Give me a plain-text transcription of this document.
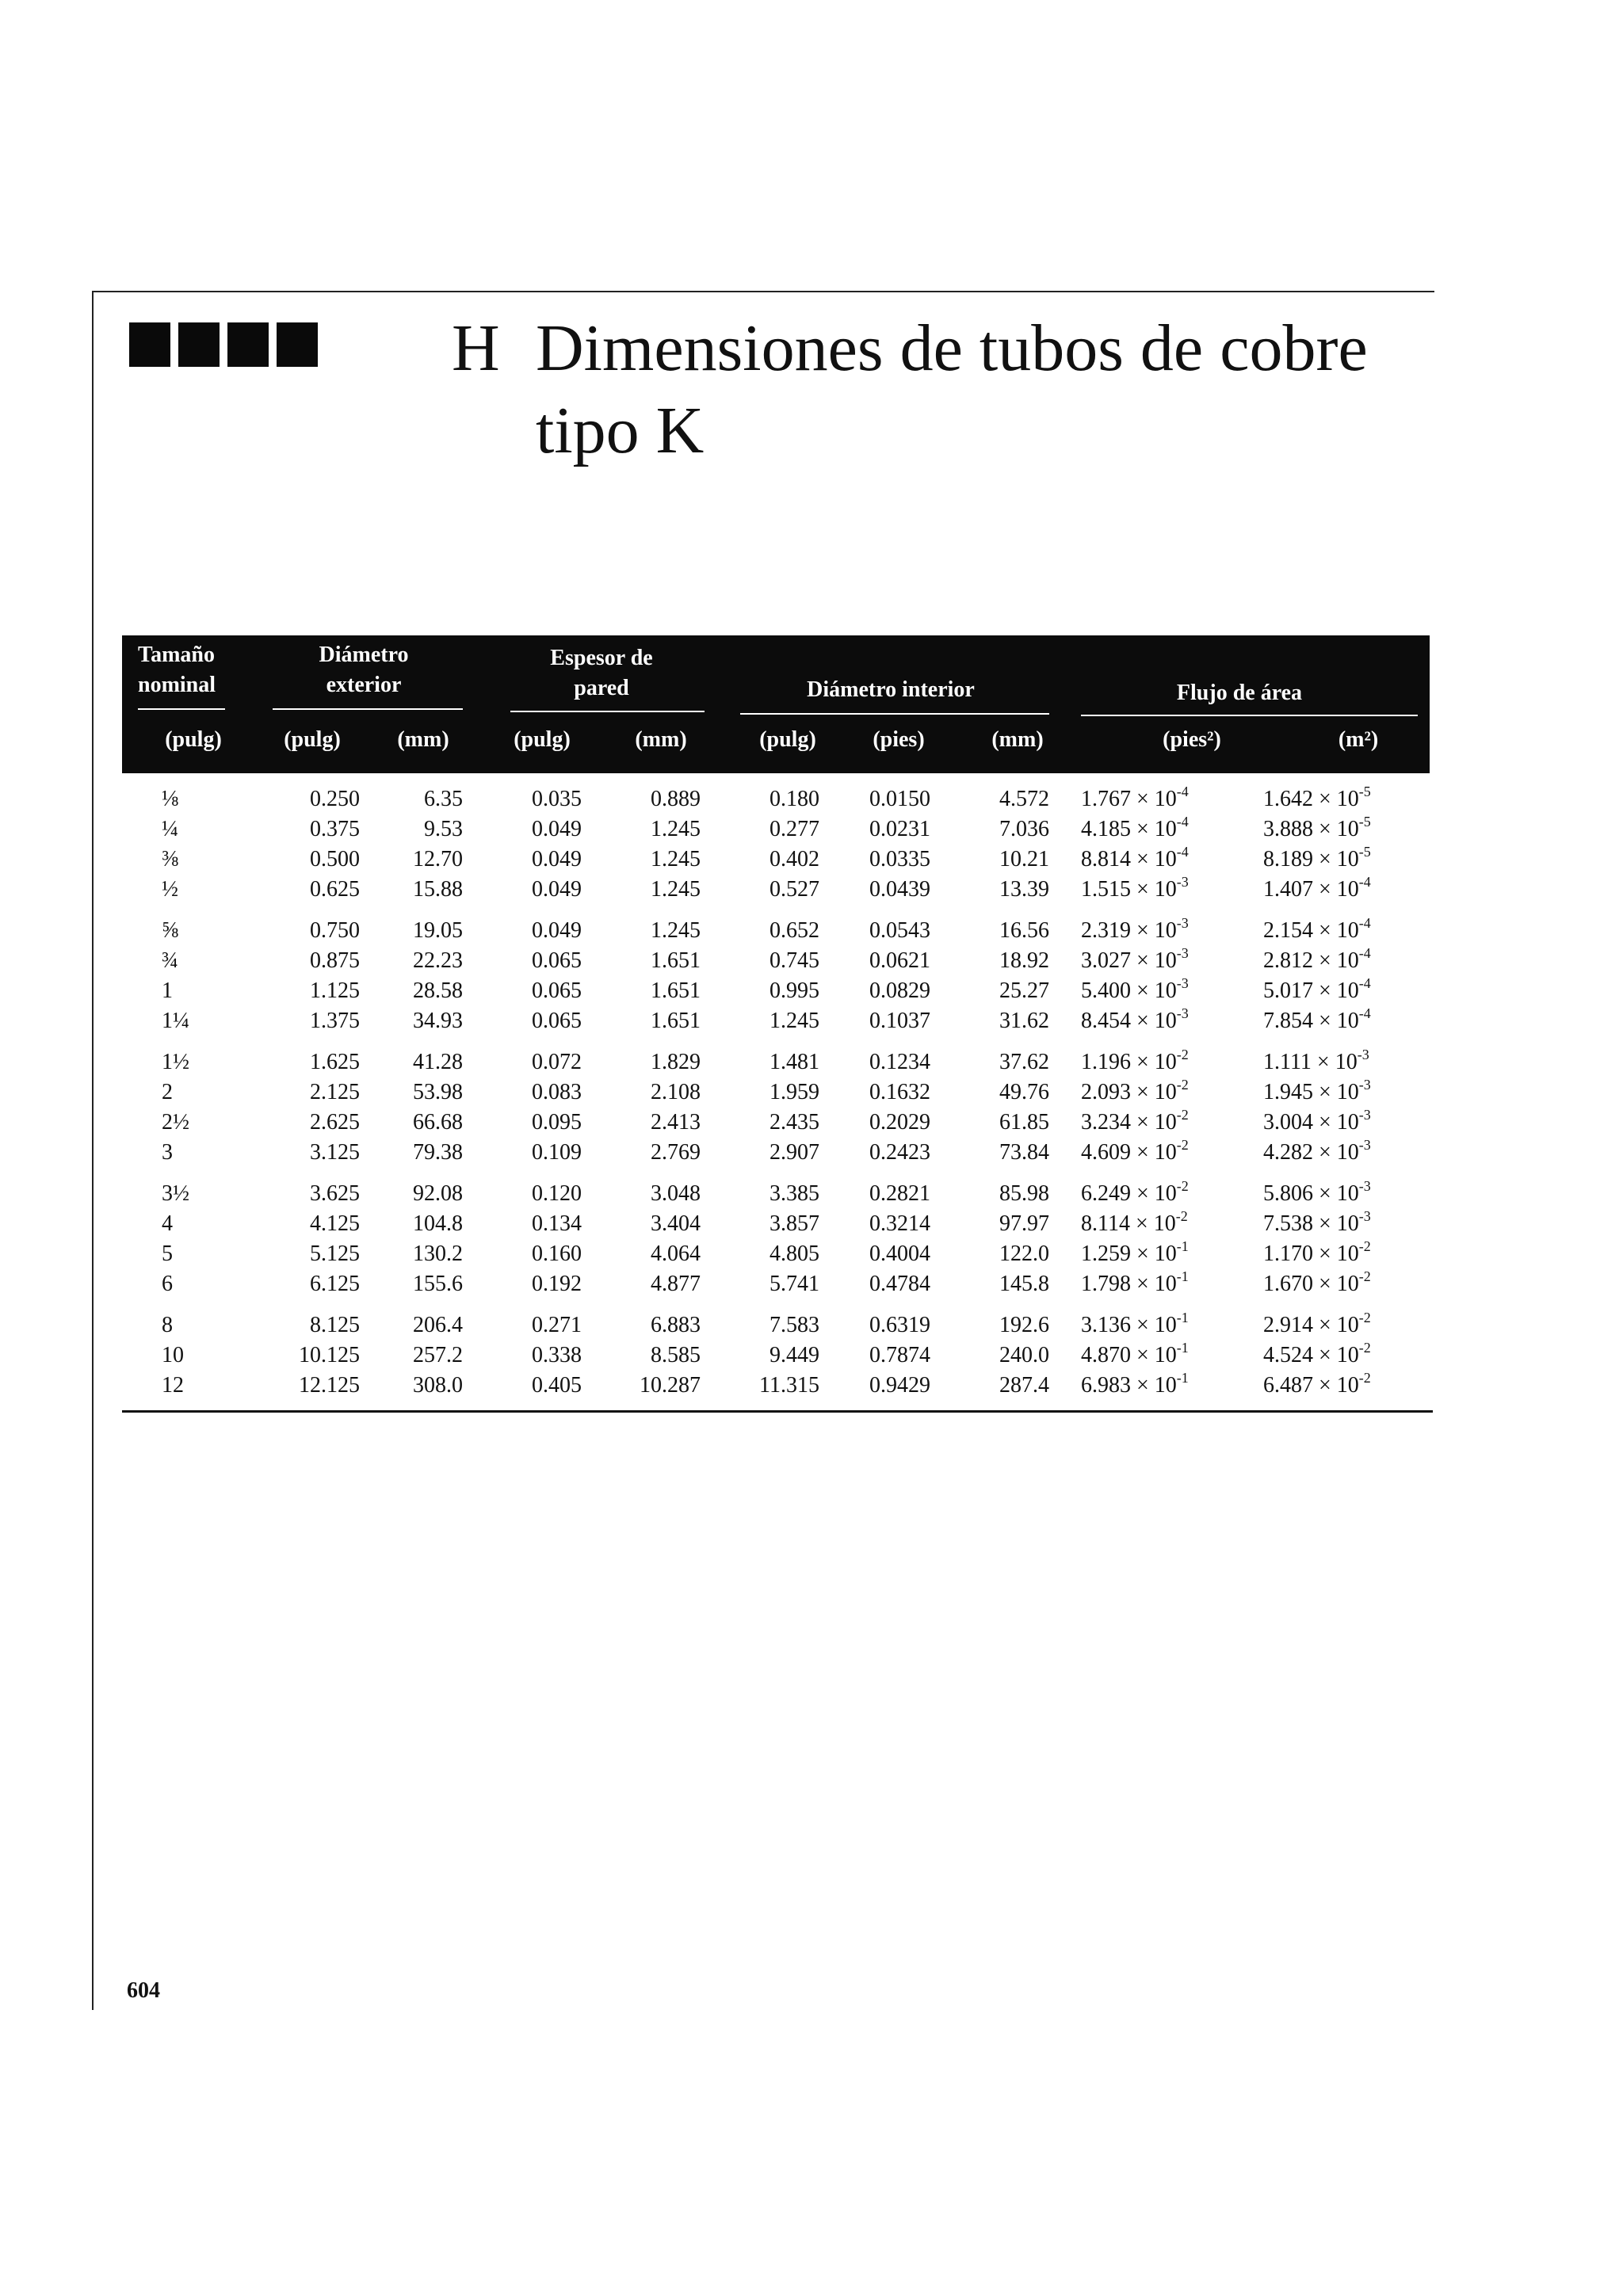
H Dimensiones de tubos de cobre
tipo K
Tamaño nominal
Diámetro exterior
Espesor de pared	Diámetro interior	Flujo de área
(pulg)	(pulg)	(mm)	(pulg)	(mm)	(pulg)	(pies)	(mm)	(pies²)	(m²)
⅛	0.250	6.35	0.035	0.889	0.180	0.0150	4.572 $1.767 \times 10^{-4}$	$1.642 \times 10^{-5}$
¼	0.375	9.53	0.049	1.245	0.277	0.0231	7.036 $4.185 \times 10^{-4}$	$3.888 \times 10^{-5}$
⅜	0.500	12.70	0.049	1.245	0.402	0.0335	10.21 $8.814 \times 10^{-4}$	$8.189 \times 10^{-5}$
½	0.625	15.88	0.049	1.245	0.527	0.0439	13.39 $1.515 \times 10^{-3}$	$1.407 \times 10^{-4}$
⅝	0.750	19.05	0.049	1.245	0.652	0.0543	16.56 $2.319 \times 10^{-3}$	$2.154 \times 10^{-4}$
¾	0.875	22.23	0.065	1.651	0.745	0.0621	18.92 $3.027 \times 10^{-3}$	$2.812 \times 10^{-4}$
1	1.125	28.58	0.065	1.651	0.995	0.0829	25.27 $5.400 \times 10^{-3}$	$5.017 \times 10^{-4}$
1¼	1.375	34.93	0.065	1.651	1.245	0.1037	31.62 $8.454 \times 10^{-3}$	$7.854 \times 10^{-4}$
1½	1.625	41.28	0.072	1.829	1.481	0.1234	37.62 $1.196 \times 10^{-2}$	$1.111 \times 10^{-3}$
2	2.125	53.98	0.083	2.108	1.959	0.1632	49.76 $2.093 \times 10^{-2}$	$1.945 \times 10^{-3}$
2½	2.625	66.68	0.095	2.413	2.435	0.2029	61.85 $3.234 \times 10^{-2}$	$3.004 \times 10^{-3}$
3	3.125	79.38	0.109	2.769	2.907	0.2423	73.84 $4.609 \times 10^{-2}$	$4.282 \times 10^{-3}$
3½	3.625	92.08	0.120	3.048	3.385	0.2821	85.98 $6.249 \times 10^{-2}$	$5.806 \times 10^{-3}$
4	4.125	104.8	0.134	3.404	3.857	0.3214	97.97 $8.114 \times 10^{-2}$	$7.538 \times 10^{-3}$
5	5.125	130.2	0.160	4.064	4.805	0.4004	122.0 $1.259 \times 10^{-1}$	$1.170 \times 10^{-2}$
6	6.125	155.6	0.192	4.877	5.741	0.4784	145.8 $1.798 \times 10^{-1}$	$1.670 \times 10^{-2}$
8	8.125	206.4	0.271	6.883	7.583	0.6319	192.6 $3.136 \times 10^{-1}$	$2.914 \times 10^{-2}$
10	10.125	257.2	0.338	8.585	9.449	0.7874	240.0 $4.870 \times 10^{-1}$	$4.524 \times 10^{-2}$
12	12.125	308.0	0.405	10.287	11.315	0.9429	287.4 $6.983 \times 10^{-1}$	$6.487 \times 10^{-2}$
604
